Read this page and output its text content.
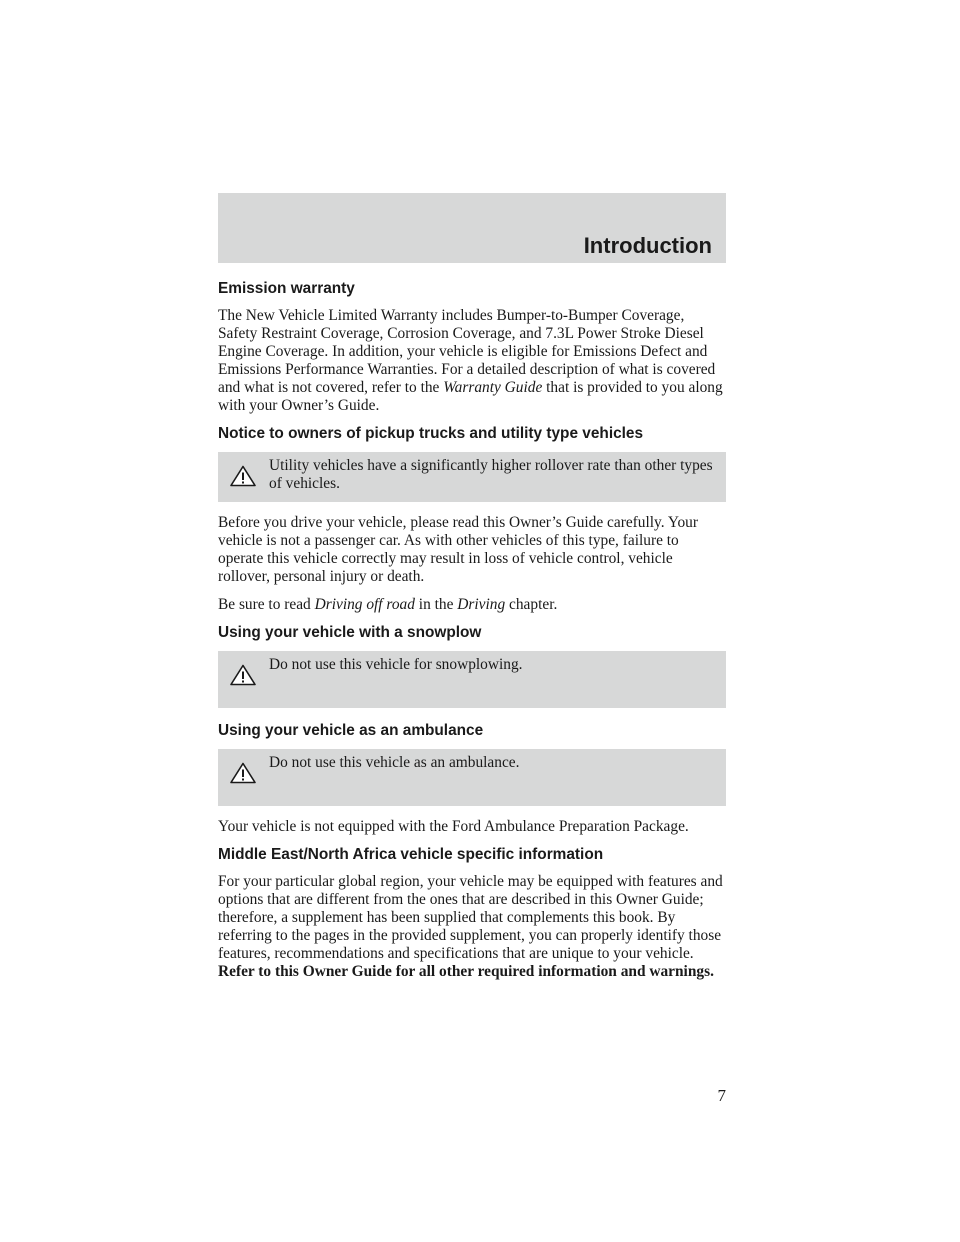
Introduction
Emission warranty

The New Vehicle Limited Warranty includes Bumper-to-Bumper Coverage, Safety Restraint Coverage, Corrosion Coverage, and 7.3L Power Stroke Diesel Engine Coverage. In addition, your vehicle is eligible for Emissions Defect and Emissions Performance Warranties. For a detailed description of what is covered and what is not covered, refer to the Warranty Guide that is provided to you along with your Owner’s Guide.

Notice to owners of pickup trucks and utility type vehicles

Utility vehicles have a significantly higher rollover rate than other types of vehicles.

Before you drive your vehicle, please read this Owner’s Guide carefully. Your vehicle is not a passenger car. As with other vehicles of this type, failure to operate this vehicle correctly may result in loss of vehicle control, vehicle rollover, personal injury or death.

Be sure to read Driving off road in the Driving chapter.

Using your vehicle with a snowplow

Do not use this vehicle for snowplowing.

Using your vehicle as an ambulance

Do not use this vehicle as an ambulance.

Your vehicle is not equipped with the Ford Ambulance Preparation Package.

Middle East/North Africa vehicle specific information

For your particular global region, your vehicle may be equipped with features and options that are different from the ones that are described in this Owner Guide; therefore, a supplement has been supplied that complements this book. By referring to the pages in the provided supplement, you can properly identify those features, recommendations and specifications that are unique to your vehicle. Refer to this Owner Guide for all other required information and warnings.

7
